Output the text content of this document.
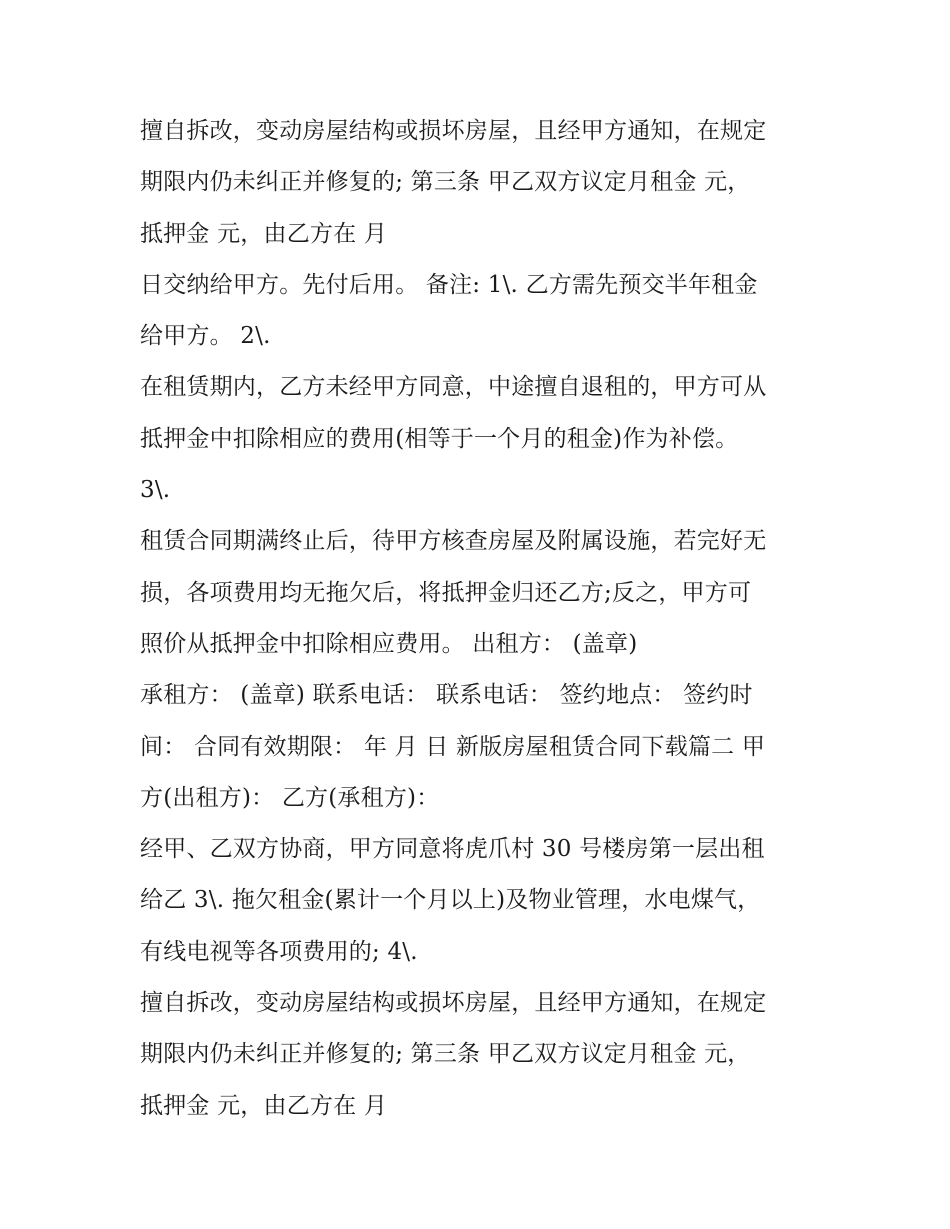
擅自拆改，变动房屋结构或损坏房屋，且经甲方通知，在规定
期限内仍未纠正并修复的; 第三条 甲乙双方议定月租金 元，
抵押金 元，由乙方在 月
日交纳给甲方。先付后用。 备注: 1\. 乙方需先预交半年租金
给甲方。 2\.
在租赁期内，乙方未经甲方同意，中途擅自退租的，甲方可从
抵押金中扣除相应的费用(相等于一个月的租金)作为补偿。
3\.
租赁合同期满终止后，待甲方核查房屋及附属设施，若完好无
损，各项费用均无拖欠后，将抵押金归还乙方;反之，甲方可
照价从抵押金中扣除相应费用。 出租方： (盖章)
承租方： (盖章) 联系电话： 联系电话： 签约地点： 签约时
间： 合同有效期限： 年 月 日 新版房屋租赁合同下载篇二 甲
方(出租方)： 乙方(承租方)：
经甲、乙双方协商，甲方同意将虎爪村 30 号楼房第一层出租
给乙 3\. 拖欠租金(累计一个月以上)及物业管理，水电煤气，
有线电视等各项费用的; 4\.
擅自拆改，变动房屋结构或损坏房屋，且经甲方通知，在规定
期限内仍未纠正并修复的; 第三条 甲乙双方议定月租金 元，
抵押金 元，由乙方在 月
